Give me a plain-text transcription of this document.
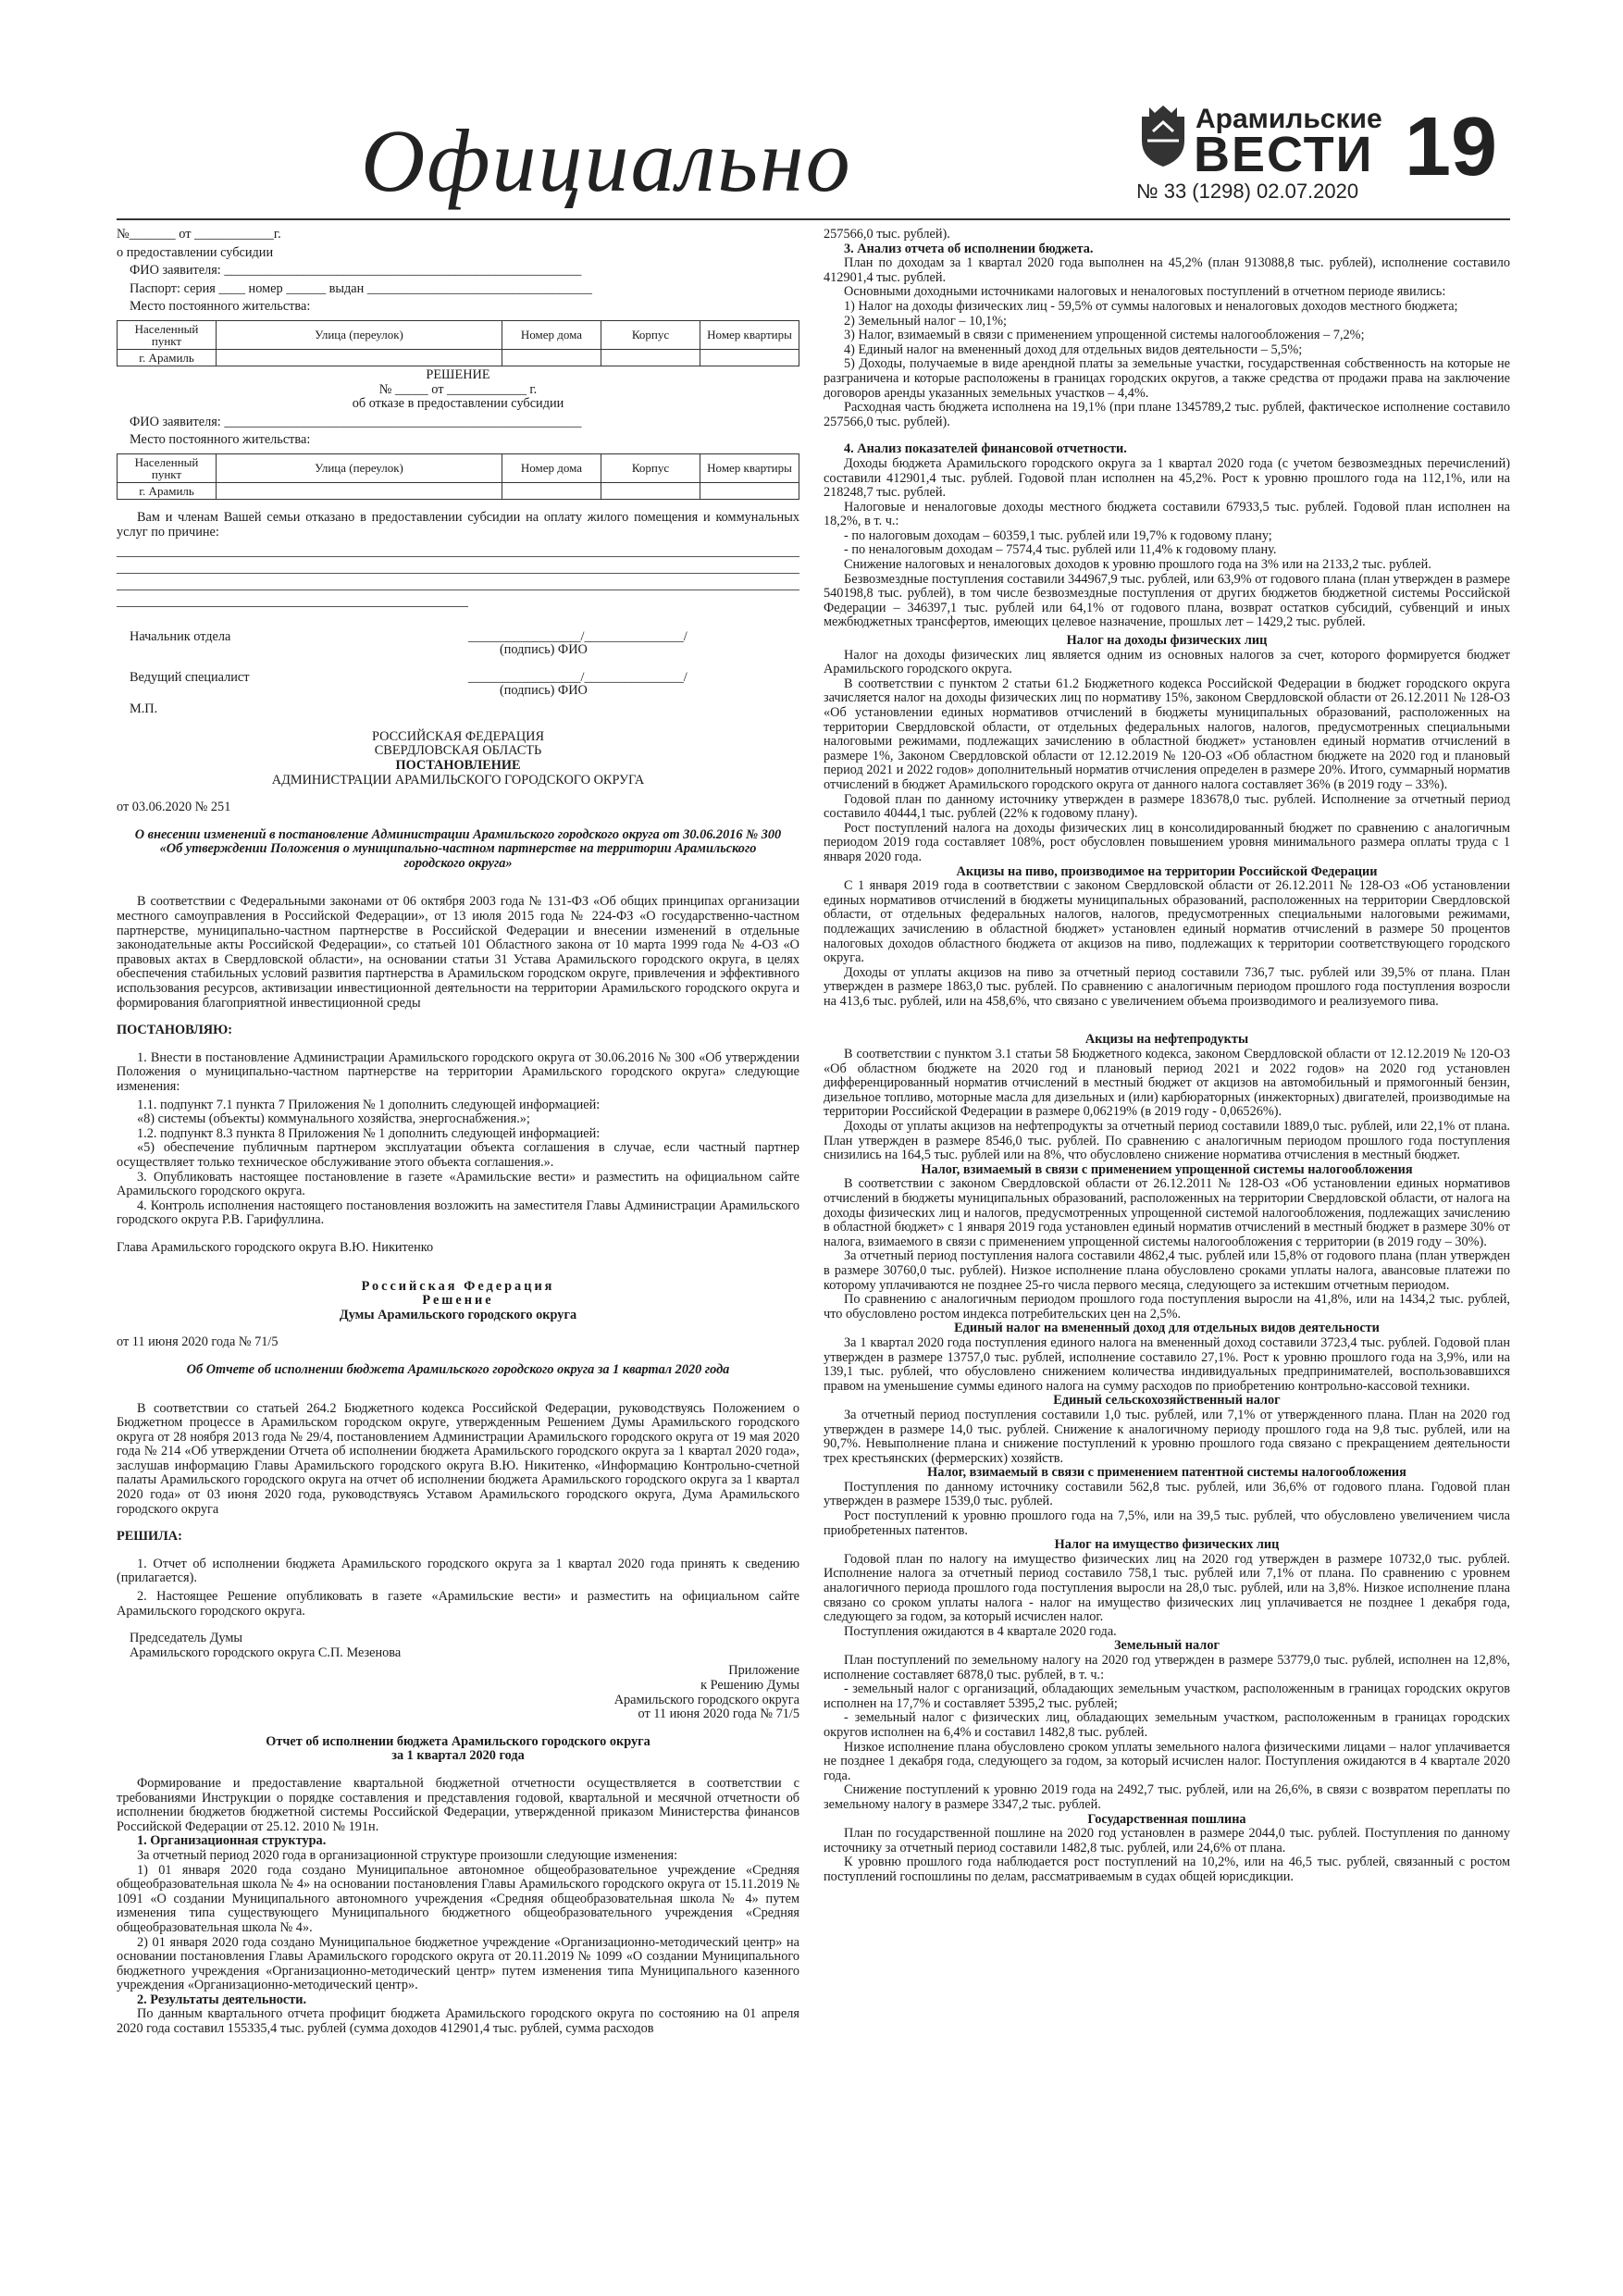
Официально	Арамильские
ВЕСТИ
№ 33 (1298) 02.07.2020 19

№_______ от ____________г.

о предоставлении субсидии

ФИО заявителя: ______________________________________________________

Паспорт: серия ____ номер ______ выдан __________________________________

Место постоянного жительства:

Населенный пункт	Улица (переулок)	Номер дома	Корпус	Номер квартиры
г. Арамиль				

РЕШЕНИЕ

№ _____ от ____________ г.

об отказе в предоставлении субсидии

ФИО заявителя: ______________________________________________________

Место постоянного жительства:

Населенный пункт	Улица (переулок)	Номер дома	Корпус	Номер квартиры
г. Арамиль				

Вам и членам Вашей семьи отказано в предоставлении субсидии на оплату жилого помещения и коммунальных услуг по причине:

Начальник отдела	_________________/_______________/
(подпись) ФИО
Ведущий специалист	_________________/_______________/
(подпись) ФИО

М.П.

РОССИЙСКАЯ ФЕДЕРАЦИЯ

СВЕРДЛОВСКАЯ ОБЛАСТЬ

ПОСТАНОВЛЕНИЕ

АДМИНИСТРАЦИИ АРАМИЛЬСКОГО ГОРОДСКОГО ОКРУГА

от 03.06.2020 № 251

О внесении изменений в постановление Администрации Арамильского городского округа от 30.06.2016 № 300 «Об утверждении Положения о муниципально-частном партнерстве на территории Арамильского городского округа»

В соответствии с Федеральными законами от 06 октября 2003 года № 131-ФЗ «Об общих принципах организации местного самоуправления в Российской Федерации», от 13 июля 2015 года № 224-ФЗ «О государственно-частном партнерстве, муниципально-частном партнерстве в Российской Федерации и внесении изменений в отдельные законодательные акты Российской Федерации», со статьей 101 Областного закона от 10 марта 1999 года № 4-ОЗ «О правовых актах в Свердловской области», на основании статьи 31 Устава Арамильского городского округа, в целях обеспечения стабильных условий развития партнерства в Арамильском городском округе, привлечения и эффективного использования ресурсов, активизации инвестиционной деятельности на территории Арамильского городского округа и формирования благоприятной инвестиционной среды

ПОСТАНОВЛЯЮ:

1. Внести в постановление Администрации Арамильского городского округа от 30.06.2016 № 300 «Об утверждении Положения о муниципально-частном партнерстве на территории Арамильского городского округа» следующие изменения:

1.1. подпункт 7.1 пункта 7 Приложения № 1 дополнить следующей информацией:

«8) системы (объекты) коммунального хозяйства, энергоснабжения.»;

1.2. подпункт 8.3 пункта 8 Приложения № 1 дополнить следующей информацией:

«5) обеспечение публичным партнером эксплуатации объекта соглашения в случае, если частный партнер осуществляет только техническое обслуживание этого объекта соглашения.».

3. Опубликовать настоящее постановление в газете «Арамильские вести» и разместить на официальном сайте Арамильского городского округа.

4. Контроль исполнения настоящего постановления возложить на заместителя Главы Администрации Арамильского городского округа Р.В. Гарифуллина.

Глава Арамильского городского округа В.Ю. Никитенко

Российская Федерация

Решение

Думы Арамильского городского округа

от 11 июня 2020 года № 71/5

Об Отчете об исполнении бюджета Арамильского городского округа за 1 квартал 2020 года

В соответствии со статьей 264.2 Бюджетного кодекса Российской Федерации, руководствуясь Положением о Бюджетном процессе в Арамильском городском округе, утвержденным Решением Думы Арамильского городского округа от 28 ноября 2013 года № 29/4, постановлением Администрации Арамильского городского округа от 19 мая 2020 года № 214 «Об утверждении Отчета об исполнении бюджета Арамильского городского округа за 1 квартал 2020 года», заслушав информацию Главы Арамильского городского округа В.Ю. Никитенко, «Информацию Контрольно-счетной палаты Арамильского городского округа на отчет об исполнении бюджета Арамильского городского округа за 1 квартал 2020 года» от 03 июня 2020 года, руководствуясь Уставом Арамильского городского округа, Дума Арамильского городского округа

РЕШИЛА:

1. Отчет об исполнении бюджета Арамильского городского округа за 1 квартал 2020 года принять к сведению (прилагается).

2. Настоящее Решение опубликовать в газете «Арамильские вести» и разместить на официальном сайте Арамильского городского округа.

Председатель Думы

Арамильского городского округа С.П. Мезенова

Приложение

к Решению Думы

Арамильского городского округа

от 11 июня 2020 года № 71/5

Отчет об исполнении бюджета Арамильского городского округа

за 1 квартал 2020 года

Формирование и предоставление квартальной бюджетной отчетности осуществляется в соответствии с требованиями Инструкции о порядке составления и представления годовой, квартальной и месячной отчетности об исполнении бюджетов бюджетной системы Российской Федерации, утвержденной приказом Министерства финансов Российской Федерации от 25.12. 2010 № 191н.

1. Организационная структура.

За отчетный период 2020 года в организационной структуре произошли следующие изменения:

1) 01 января 2020 года создано Муниципальное автономное общеобразовательное учреждение «Средняя общеобразовательная школа № 4» на основании постановления Главы Арамильского городского округа от 15.11.2019 № 1091 «О создании Муниципального автономного учреждения «Средняя общеобразовательная школа № 4» путем изменения типа существующего Муниципального бюджетного общеобразовательного учреждения «Средняя общеобразовательная школа № 4».

2) 01 января 2020 года создано Муниципальное бюджетное учреждение «Организационно-методический центр» на основании постановления Главы Арамильского городского округа от 20.11.2019 № 1099 «О создании Муниципального бюджетного учреждения «Организационно-методический центр» путем изменения типа Муниципального казенного учреждения «Организационно-методический центр».

2. Результаты деятельности.

По данным квартального отчета профицит бюджета Арамильского городского округа по состоянию на 01 апреля 2020 года составил 155335,4 тыс. рублей (сумма доходов 412901,4 тыс. рублей, сумма расходов

257566,0 тыс. рублей).

3. Анализ отчета об исполнении бюджета.

План по доходам за 1 квартал 2020 года выполнен на 45,2% (план 913088,8 тыс. рублей), исполнение составило 412901,4 тыс. рублей.

Основными доходными источниками налоговых и неналоговых поступлений в отчетном периоде явились:

1) Налог на доходы физических лиц - 59,5% от суммы налоговых и неналоговых доходов местного бюджета;

2) Земельный налог – 10,1%;

3) Налог, взимаемый в связи с применением упрощенной системы налогообложения – 7,2%;

4) Единый налог на вмененный доход для отдельных видов деятельности – 5,5%;

5) Доходы, получаемые в виде арендной платы за земельные участки, государственная собственность на которые не разграничена и которые расположены в границах городских округов, а также средства от продажи права на заключение договоров аренды указанных земельных участков – 4,4%.

Расходная часть бюджета исполнена на 19,1% (при плане 1345789,2 тыс. рублей, фактическое исполнение составило 257566,0 тыс. рублей).

4. Анализ показателей финансовой отчетности.

Доходы бюджета Арамильского городского округа за 1 квартал 2020 года (с учетом безвозмездных перечислений) составили 412901,4 тыс. рублей. Годовой план исполнен на 45,2%. Рост к уровню прошлого года на 112,1%, или на 218248,7 тыс. рублей.

Налоговые и неналоговые доходы местного бюджета составили 67933,5 тыс. рублей. Годовой план исполнен на 18,2%, в т. ч.:

- по налоговым доходам – 60359,1 тыс. рублей или 19,7% к годовому плану;

- по неналоговым доходам – 7574,4 тыс. рублей или 11,4% к годовому плану.

Снижение налоговых и неналоговых доходов к уровню прошлого года на 3% или на 2133,2 тыс. рублей.

Безвозмездные поступления составили 344967,9 тыс. рублей, или 63,9% от годового плана (план утвержден в размере 540198,8 тыс. рублей), в том числе безвозмездные поступления от других бюджетов бюджетной системы Российской Федерации – 346397,1 тыс. рублей или 64,1% от годового плана, возврат остатков субсидий, субвенций и иных межбюджетных трансфертов, имеющих целевое назначение, прошлых лет – 1429,2 тыс. рублей.

Налог на доходы физических лиц

Налог на доходы физических лиц является одним из основных налогов за счет, которого формируется бюджет Арамильского городского округа.

В соответствии с пунктом 2 статьи 61.2 Бюджетного кодекса Российской Федерации в бюджет городского округа зачисляется налог на доходы физических лиц по нормативу 15%, законом Свердловской области от 26.12.2011 № 128-ОЗ «Об установлении единых нормативов отчислений в бюджеты муниципальных образований, расположенных на территории Свердловской области, от отдельных федеральных налогов, налогов, предусмотренных специальными налоговыми режимами, подлежащих зачислению в областной бюджет» установлен единый норматив отчислений в размере 1%, Законом Свердловской области от 12.12.2019 № 120-ОЗ «Об областном бюджете на 2020 год и плановый период 2021 и 2022 годов» дополнительный норматив отчисления определен в размере 20%. Итого, суммарный норматив отчислений в бюджет Арамильского городского округа от данного налога составляет 36% (в 2019 году – 33%).

Годовой план по данному источнику утвержден в размере 183678,0 тыс. рублей. Исполнение за отчетный период составило 40444,1 тыс. рублей (22% к годовому плану).

Рост поступлений налога на доходы физических лиц в консолидированный бюджет по сравнению с аналогичным периодом 2019 года составляет 108%, рост обусловлен повышением уровня минимального размера оплаты труда с 1 января 2020 года.

Акцизы на пиво, производимое на территории Российской Федерации

С 1 января 2019 года в соответствии с законом Свердловской области от 26.12.2011 № 128-ОЗ «Об установлении единых нормативов отчислений в бюджеты муниципальных образований, расположенных на территории Свердловской области, от отдельных федеральных налогов, налогов, предусмотренных специальными налоговыми режимами, подлежащих зачислению в областной бюджет» установлен единый норматив отчислений в размере 50 процентов налоговых доходов областного бюджета от акцизов на пиво, подлежащих к территории соответствующего городского округа.

Доходы от уплаты акцизов на пиво за отчетный период составили 736,7 тыс. рублей или 39,5% от плана. План утвержден в размере 1863,0 тыс. рублей. По сравнению с аналогичным периодом прошлого года поступления возросли на 413,6 тыс. рублей, или на 458,6%, что связано с увеличением объема производимого и реализуемого пива.

Акцизы на нефтепродукты

В соответствии с пунктом 3.1 статьи 58 Бюджетного кодекса, законом Свердловской области от 12.12.2019 № 120-ОЗ «Об областном бюджете на 2020 год и плановый период 2021 и 2022 годов» на 2020 год установлен дифференцированный норматив отчислений в местный бюджет от акцизов на автомобильный и прямогонный бензин, дизельное топливо, моторные масла для дизельных и (или) карбюраторных (инжекторных) двигателей, производимые на территории Российской Федерации в размере 0,06219% (в 2019 году - 0,06526%).

Доходы от уплаты акцизов на нефтепродукты за отчетный период составили 1889,0 тыс. рублей, или 22,1% от плана. План утвержден в размере 8546,0 тыс. рублей. По сравнению с аналогичным периодом прошлого года поступления снизились на 164,5 тыс. рублей или на 8%, что обусловлено снижение норматива отчисления в местный бюджет.

Налог, взимаемый в связи с применением упрощенной системы налогообложения

В соответствии с законом Свердловской области от 26.12.2011 № 128-ОЗ «Об установлении единых нормативов отчислений в бюджеты муниципальных образований, расположенных на территории Свердловской области, от налога на доходы физических лиц и налогов, предусмотренных упрощенной системой налогообложения, подлежащих зачислению в областной бюджет» с 1 января 2019 года установлен единый норматив отчислений в местный бюджет в размере 30% от налога, взимаемого в связи с применением упрощенной системы налогообложения с территории (в 2019 году – 30%).

За отчетный период поступления налога составили 4862,4 тыс. рублей или 15,8% от годового плана (план утвержден в размере 30760,0 тыс. рублей). Низкое исполнение плана обусловлено сроками уплаты налога, авансовые платежи по которому уплачиваются не позднее 25-го числа первого месяца, следующего за истекшим отчетным периодом.

По сравнению с аналогичным периодом прошлого года поступления выросли на 41,8%, или на 1434,2 тыс. рублей, что обусловлено ростом индекса потребительских цен на 2,5%.

Единый налог на вмененный доход для отдельных видов деятельности

За 1 квартал 2020 года поступления единого налога на вмененный доход составили 3723,4 тыс. рублей. Годовой план утвержден в размере 13757,0 тыс. рублей, исполнение составило 27,1%. Рост к уровню прошлого года на 3,9%, или на 139,1 тыс. рублей, что обусловлено снижением количества индивидуальных предпринимателей, воспользовавшихся правом на уменьшение суммы единого налога на сумму расходов по приобретению контрольно-кассовой техники.

Единый сельскохозяйственный налог

За отчетный период поступления составили 1,0 тыс. рублей, или 7,1% от утвержденного плана. План на 2020 год утвержден в размере 14,0 тыс. рублей. Снижение к аналогичному периоду прошлого года на 9,8 тыс. рублей, или на 90,7%. Невыполнение плана и снижение поступлений к уровню прошлого года связано с прекращением деятельности трех крестьянских (фермерских) хозяйств.

Налог, взимаемый в связи с применением патентной системы налогообложения

Поступления по данному источнику составили 562,8 тыс. рублей, или 36,6% от годового плана. Годовой план утвержден в размере 1539,0 тыс. рублей.

Рост поступлений к уровню прошлого года на 7,5%, или на 39,5 тыс. рублей, что обусловлено увеличением числа приобретенных патентов.

Налог на имущество физических лиц

Годовой план по налогу на имущество физических лиц на 2020 год утвержден в размере 10732,0 тыс. рублей. Исполнение налога за отчетный период составило 758,1 тыс. рублей или 7,1% от плана. По сравнению с уровнем аналогичного периода прошлого года поступления выросли на 28,0 тыс. рублей, или на 3,8%. Низкое исполнение плана связано со сроком уплаты налога - налог на имущество физических лиц уплачивается не позднее 1 декабря года, следующего за годом, за который исчислен налог.

Поступления ожидаются в 4 квартале 2020 года.

Земельный налог

План поступлений по земельному налогу на 2020 год утвержден в размере 53779,0 тыс. рублей, исполнен на 12,8%, исполнение составляет 6878,0 тыс. рублей, в т. ч.:

- земельный налог с организаций, обладающих земельным участком, расположенным в границах городских округов исполнен на 17,7% и составляет 5395,2 тыс. рублей;

- земельный налог с физических лиц, обладающих земельным участком, расположенным в границах городских округов исполнен на 6,4% и составил 1482,8 тыс. рублей.

Низкое исполнение плана обусловлено сроком уплаты земельного налога физическими лицами – налог уплачивается не позднее 1 декабря года, следующего за годом, за который исчислен налог. Поступления ожидаются в 4 квартале 2020 года.

Снижение поступлений к уровню 2019 года на 2492,7 тыс. рублей, или на 26,6%, в связи с возвратом переплаты по земельному налогу в размере 3347,2 тыс. рублей.

Государственная пошлина

План по государственной пошлине на 2020 год установлен в размере 2044,0 тыс. рублей. Поступления по данному источнику за отчетный период составили 1482,8 тыс. рублей, или 24,6% от плана.

К уровню прошлого года наблюдается рост поступлений на 10,2%, или на 46,5 тыс. рублей, связанный с ростом поступлений госпошлины по делам, рассматриваемым в судах общей юрисдикции.
